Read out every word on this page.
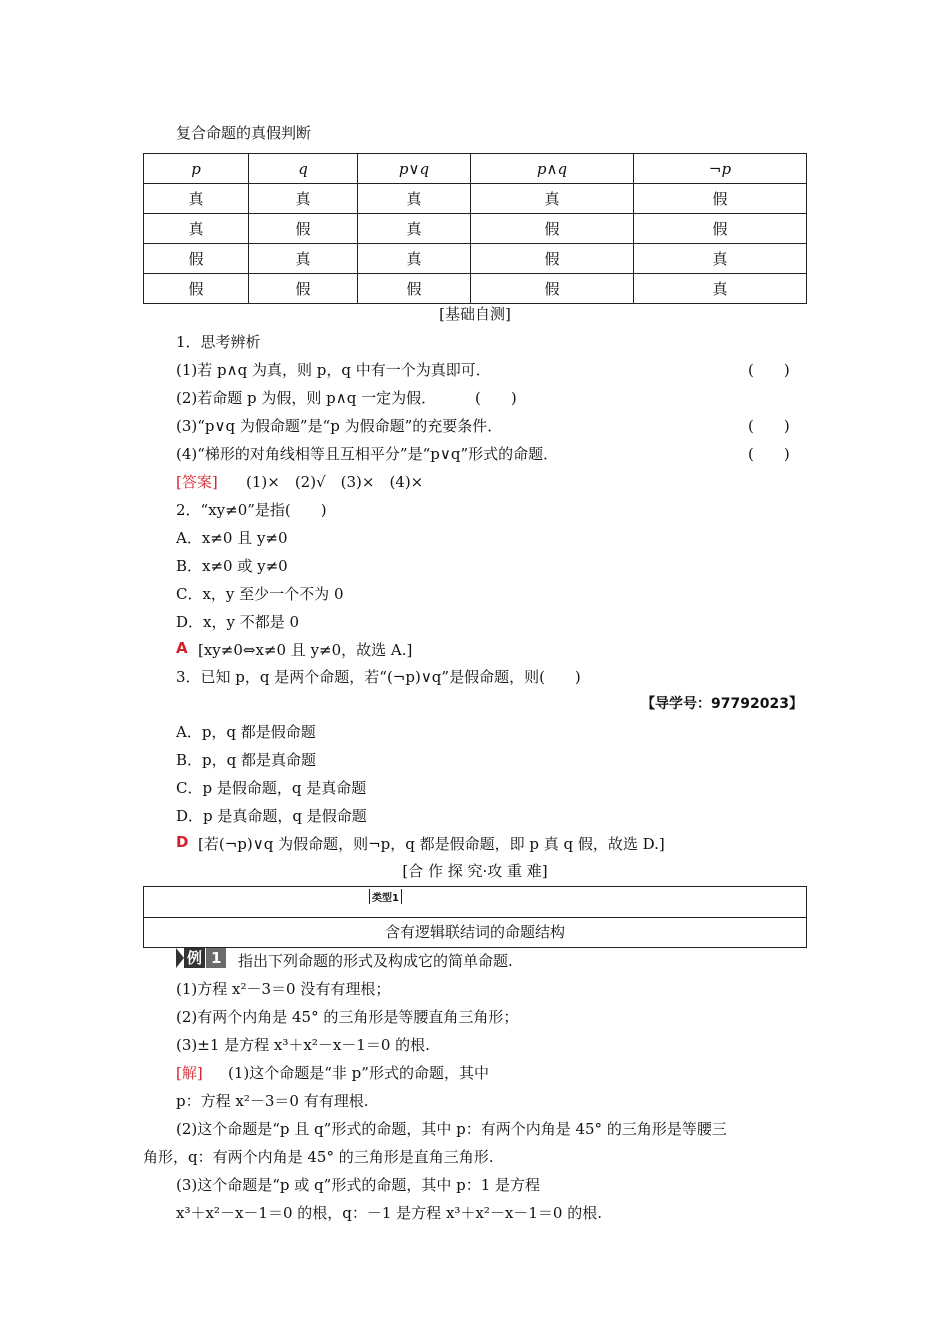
复合命题的真假判断
p	q	p∨q	p∧q	¬p
真	真	真	真	假
真	假	真	假	假
假	真	真	假	真
假	假	假	假	真
[基础自测]
1．思考辨析
(1)若 p∧q 为真，则 p，q 中有一个为真即可．	(　　)
(2)若命题 p 为假，则 p∧q 一定为假．	(　　)
(3)“p∨q 为假命题”是“p 为假命题”的充要条件．	(　　)
(4)“梯形的对角线相等且互相平分”是“p∨q”形式的命题．	(　　)
[答案] (1)×　(2)√　(3)×　(4)×
2．“xy≠0”是指(　　)
A．x≠0 且 y≠0
B．x≠0 或 y≠0
C．x，y 至少一个不为 0
D．x，y 不都是 0
A [xy≠0⇔x≠0 且 y≠0，故选 A.]
3．已知 p，q 是两个命题，若“(¬p)∨q”是假命题，则(　　)
【导学号：97792023】
A．p，q 都是假命题
B．p，q 都是真命题
C．p 是假命题，q 是真命题
D．p 是真命题，q 是假命题
D [若(¬p)∨q 为假命题，则¬p，q 都是假命题，即 p 真 q 假，故选 D.]
[合 作 探 究·攻 重 难]
类型1
含有逻辑联结词的命题结构
例 1	指出下列命题的形式及构成它的简单命题.
(1)方程 x²－3＝0 没有有理根；
(2)有两个内角是 45° 的三角形是等腰直角三角形；
(3)±1 是方程 x³＋x²－x－1＝0 的根.
[解] (1)这个命题是“非 p”形式的命题，其中
p：方程 x²－3＝0 有有理根.
(2)这个命题是“p 且 q”形式的命题，其中 p：有两个内角是 45° 的三角形是等腰三
角形，q：有两个内角是 45° 的三角形是直角三角形.
(3)这个命题是“p 或 q”形式的命题，其中 p：1 是方程
x³＋x²－x－1＝0 的根，q：－1 是方程 x³＋x²－x－1＝0 的根.
